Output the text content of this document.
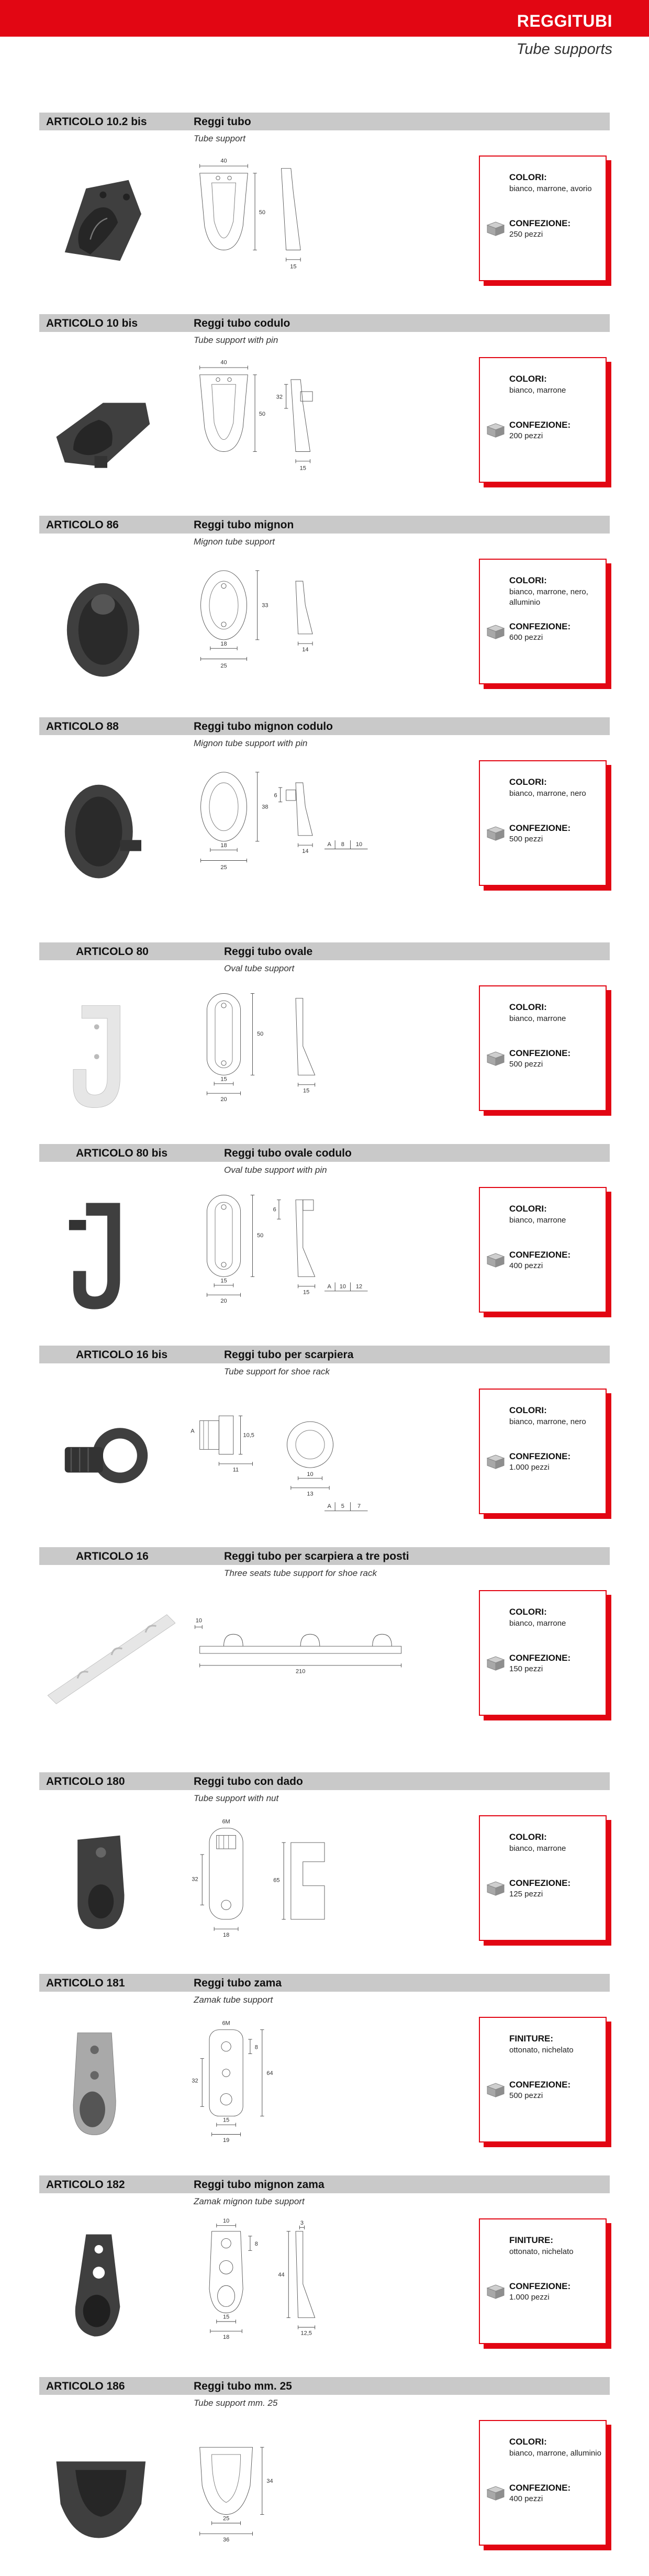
REGGITUBI
Tube supports
ARTICOLO 10.2 bis	Reggi tubo
Tube support
40
50
15
COLORI:
bianco, marrone, avorio
CONFEZIONE:
250 pezzi
ARTICOLO 10 bis	Reggi tubo codulo
Tube support with pin
40
50
32
15
COLORI:
bianco, marrone
CONFEZIONE:
200 pezzi
ARTICOLO 86	Reggi tubo mignon
Mignon tube support
33
18
25
14
COLORI:
bianco, marrone, nero, alluminio
CONFEZIONE:
600 pezzi
ARTICOLO 88	Reggi tubo mignon codulo
Mignon tube support with pin
38
18
25
6
14
A 8 10
COLORI:
bianco, marrone, nero
CONFEZIONE:
500 pezzi
ARTICOLO 80	Reggi tubo ovale
Oval tube support
50
15
20
15
COLORI:
bianco, marrone
CONFEZIONE:
500 pezzi
ARTICOLO 80 bis	Reggi tubo ovale codulo
Oval tube support with pin
50
15
20
6
15
A 10 12
COLORI:
bianco, marrone
CONFEZIONE:
400 pezzi
ARTICOLO 16 bis	Reggi tubo per scarpiera
Tube support for shoe rack
A
10,5
11
10
13
A 5 7
COLORI:
bianco, marrone, nero
CONFEZIONE:
1.000 pezzi
ARTICOLO 16	Reggi tubo per scarpiera a tre posti
Three seats tube support for shoe rack
10
210
COLORI:
bianco, marrone
CONFEZIONE:
150 pezzi
ARTICOLO 180	Reggi tubo con dado
Tube support with nut
6M
32
18
65
COLORI:
bianco, marrone
CONFEZIONE:
125 pezzi
ARTICOLO 181	Reggi tubo zama
Zamak tube support
6M
8
32
64
15
19
FINITURE:
ottonato, nichelato
CONFEZIONE:
500 pezzi
ARTICOLO 182	Reggi tubo mignon zama
Zamak mignon tube support
10
8
15
18
3
44
12,5
FINITURE:
ottonato, nichelato
CONFEZIONE:
1.000 pezzi
ARTICOLO 186	Reggi tubo mm. 25
Tube support mm. 25
34
25
36
COLORI:
bianco, marrone, alluminio
CONFEZIONE:
400 pezzi
